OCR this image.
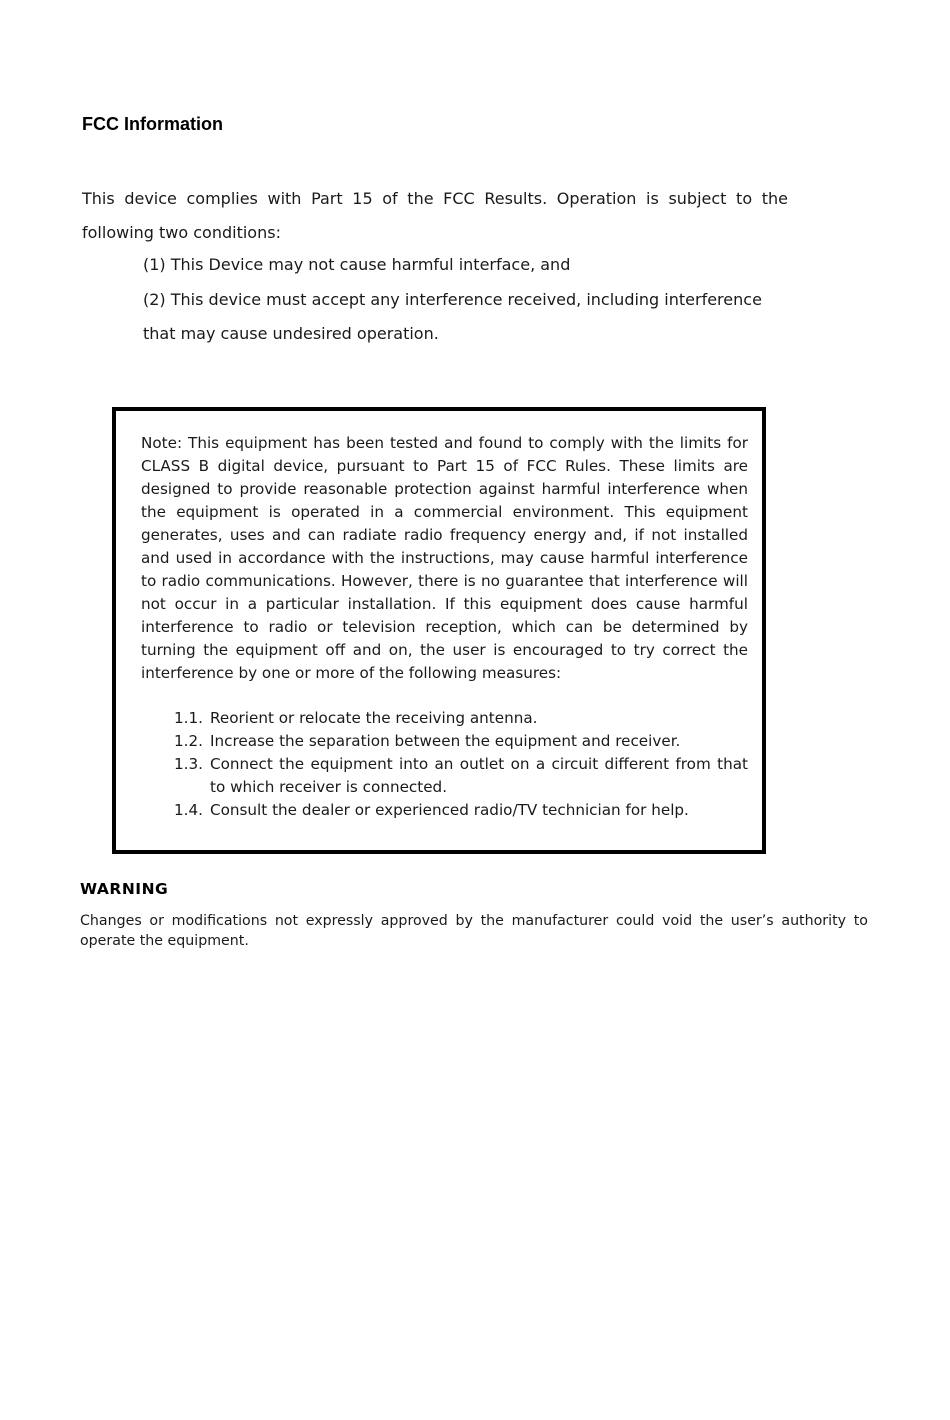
FCC Information
This device complies with Part 15 of the FCC Results. Operation is subject to the following two conditions:
(1) This Device may not cause harmful interface, and
(2) This device must accept any interference received, including interference that may cause undesired operation.
Note: This equipment has been tested and found to comply with the limits for CLASS B digital device, pursuant to Part 15 of FCC Rules. These limits are designed to provide reasonable protection against harmful interference when the equipment is operated in a commercial environment. This equipment generates, uses and can radiate radio frequency energy and, if not installed and used in accordance with the instructions, may cause harmful interference to radio communications. However, there is no guarantee that interference will not occur in a particular installation. If this equipment does cause harmful interference to radio or television reception, which can be determined by turning the equipment off and on, the user is encouraged to try correct the interference by one or more of the following measures:
1.1. Reorient or relocate the receiving antenna.
1.2. Increase the separation between the equipment and receiver.
1.3. Connect the equipment into an outlet on a circuit different from that to which receiver is connected.
1.4. Consult the dealer or experienced radio/TV technician for help.
WARNING
Changes or modifications not expressly approved by the manufacturer could void the user’s authority to operate the equipment.
